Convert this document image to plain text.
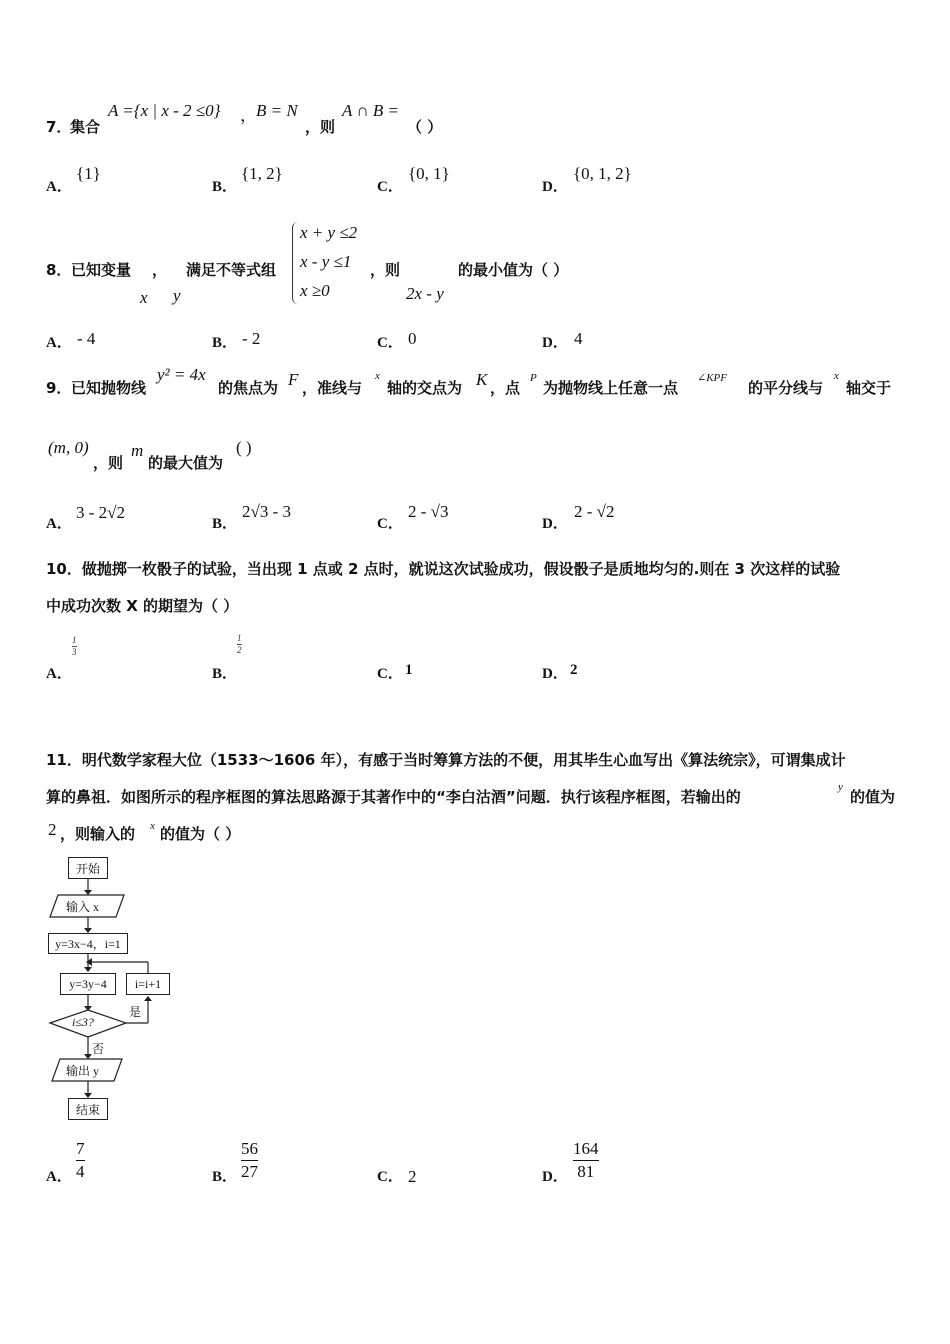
7．
集合
A ={x | x - 2 ≤0} ， B = N
，则
A ∩ B =
（ ）
A．
{1}
B．
{1, 2}
C．
{0, 1}
D．
{0, 1, 2}
8． 已知变量 ，
x y
满足不等式组
x + y ≤2
x - y ≤1
x ≥0
，则
2x - y
的最小值为（ ）
A． - 4	B． - 2	C． 0	D． 4
9． 已知抛物线
y² = 4x
的焦点为 F ，准线与
x
轴的交点为 K ，点
P
为抛物线上任意一点
∠KPF
的平分线与
x
轴交于
(m, 0)
，则
m
的最大值为
( )
A．
3 - 2√2
B．
2√3 - 3
C．
2 - √3
D．
2 - √2
10．做抛掷一枚骰子的试验，当出现 1 点或 2 点时，就说这次试验成功，假设骰子是质地均匀的.则在 3 次这样的试验
中成功次数 X 的期望为（ ）
A．
1
3
B．
1
2
C． 1	D． 2
11．明代数学家程大位（1533～1606 年），有感于当时筹算方法的不便，用其毕生心血写出《算法统宗》，可谓集成计
算的鼻祖．如图所示的程序框图的算法思路源于其著作中的“李白沽酒”问题．执行该程序框图，若输出的
y
的值为
2 ，则输入的 x 的值为（ ）
开始
输入 x
y=3x−4，i=1
y=3y−4	i=i+1
i≤3?
是
否
输出 y
结束
A．
7
4	B．
56
27	C． 2	D．
164
81
